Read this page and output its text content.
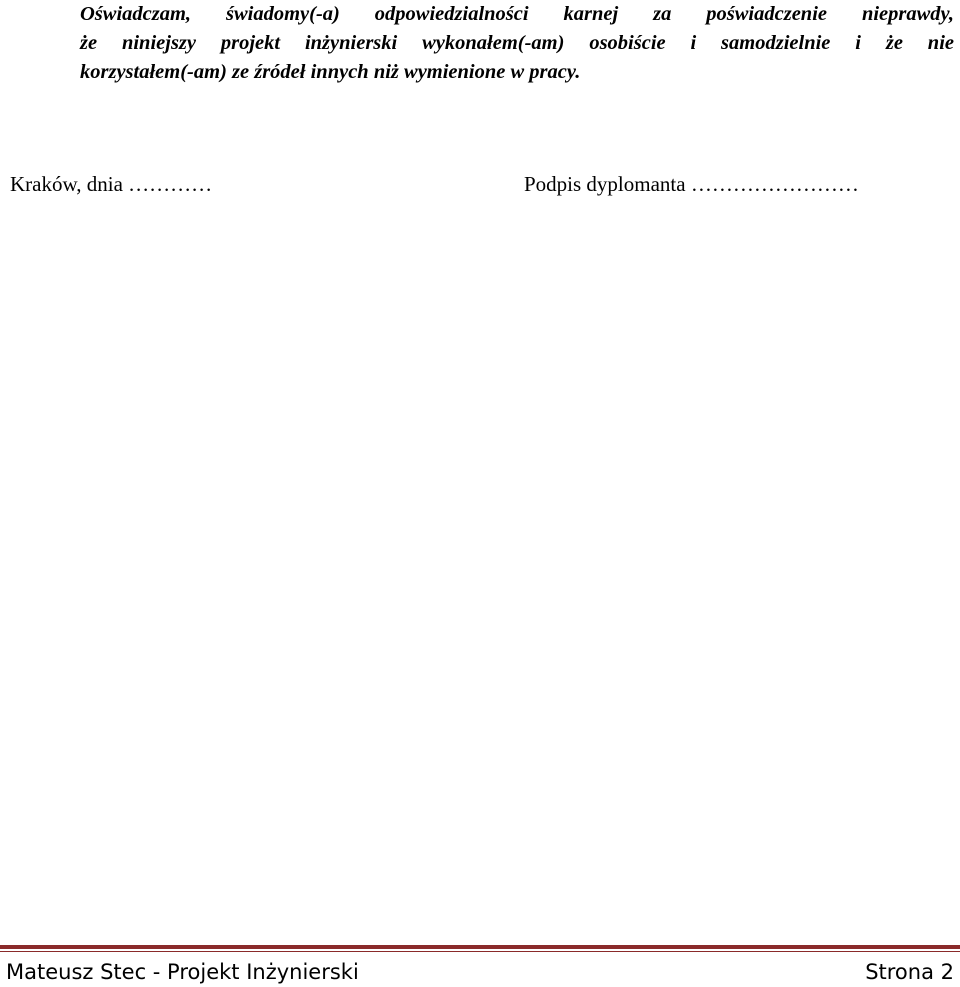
Oświadczam, świadomy(-a) odpowiedzialności karnej za poświadczenie nieprawdy,
że niniejszy projekt inżynierski wykonałem(-am) osobiście i samodzielnie i że nie
korzystałem(-am) ze źródeł innych niż wymienione w pracy.
Kraków, dnia …………	Podpis dyplomanta ……………………
Mateusz Stec - Projekt Inżynierski	Strona 2
